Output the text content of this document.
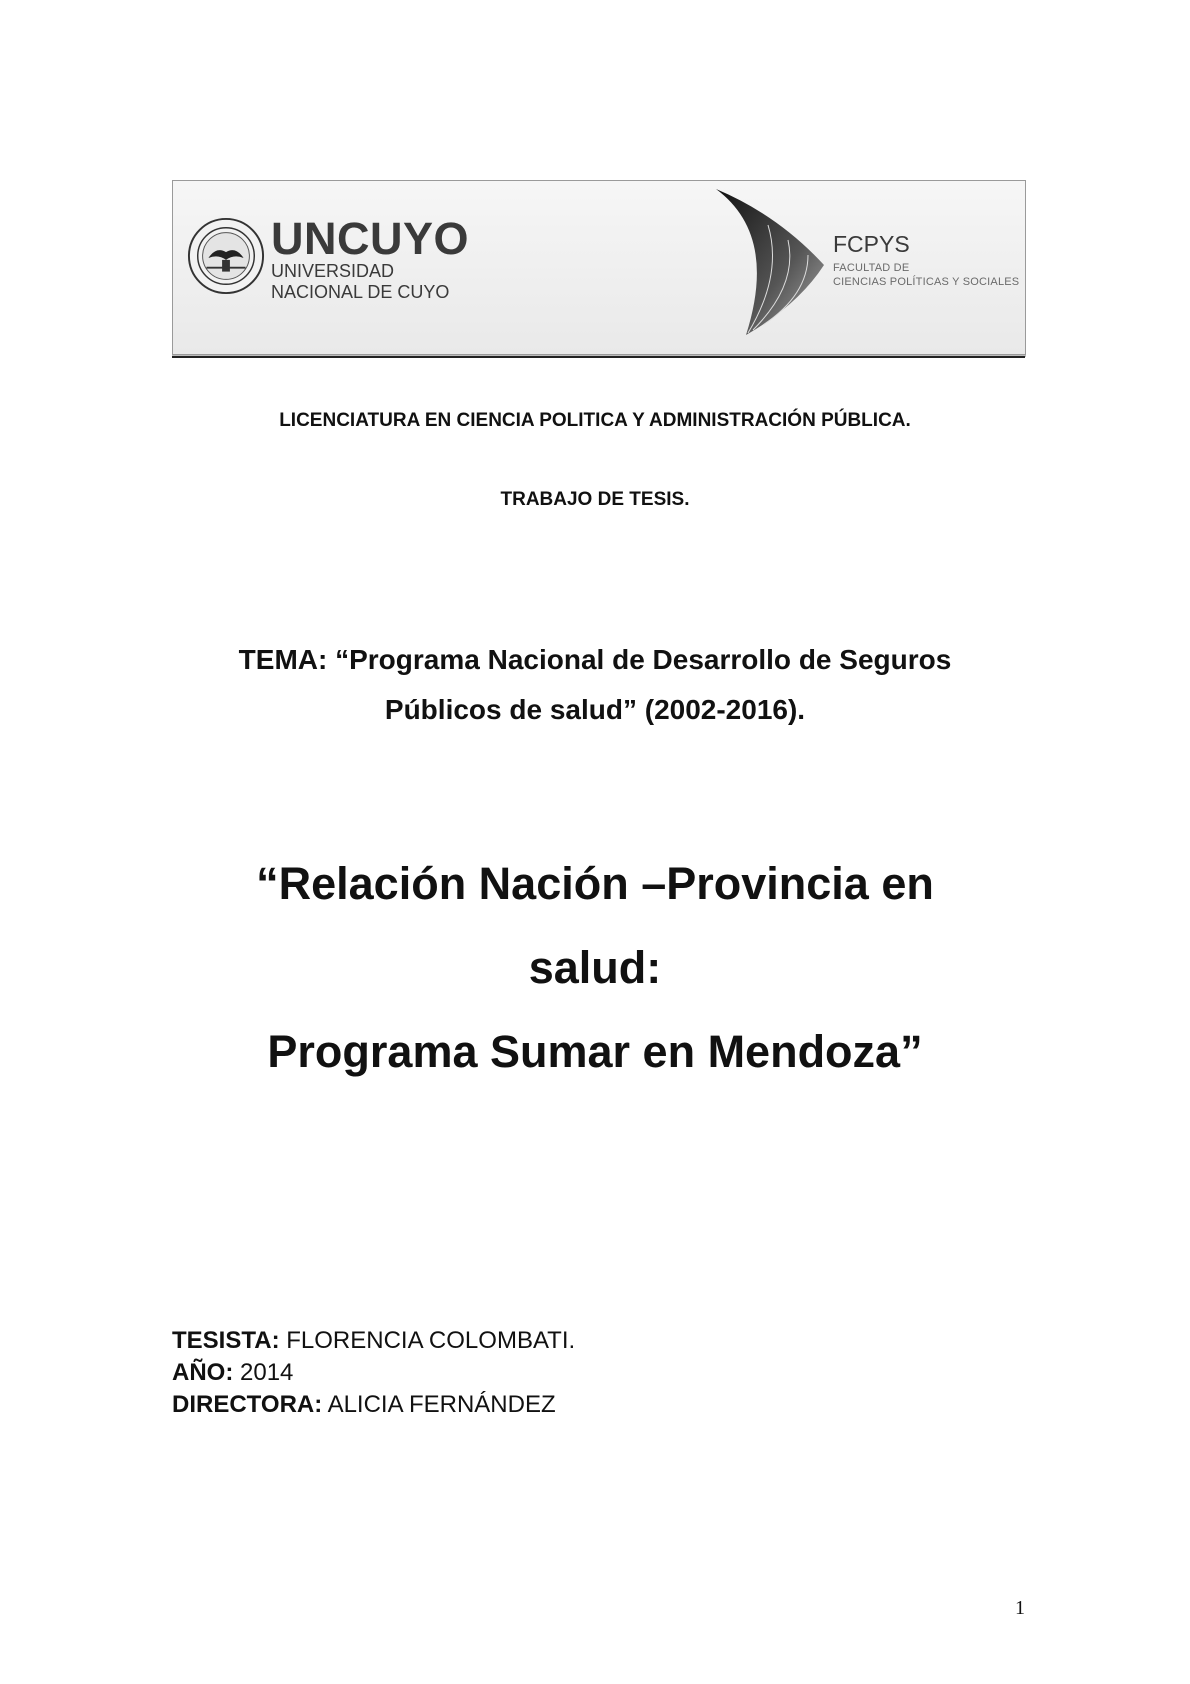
UNCUYO
UNIVERSIDAD
NACIONAL DE CUYO
FCPYS
FACULTAD DE
CIENCIAS POLÍTICAS Y SOCIALES
LICENCIATURA EN CIENCIA POLITICA Y ADMINISTRACIÓN PÚBLICA.
TRABAJO DE TESIS.
TEMA: “Programa Nacional de Desarrollo de Seguros
Públicos de salud” (2002-2016).
“Relación Nación –Provincia en
salud:
Programa Sumar en Mendoza”
TESISTA: FLORENCIA COLOMBATI.
AÑO: 2014
DIRECTORA: ALICIA FERNÁNDEZ
1
